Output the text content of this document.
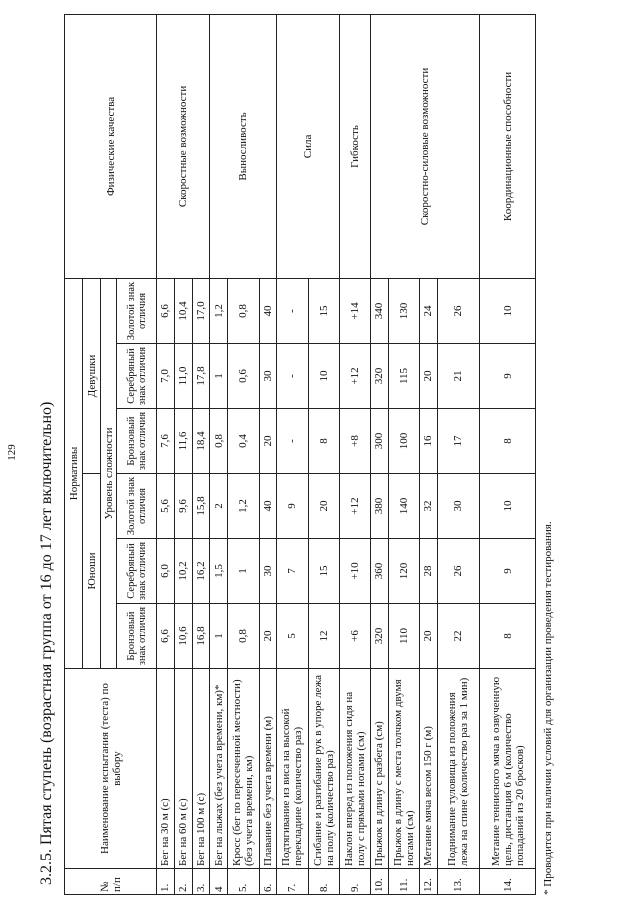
129 3.2.5. Пятая ступень (возрастная группа от 16 до 17 лет включительно)
№ п/п	Наименование испытания (теста) по выбору	Нормативы						Физические качества
		Юноши			Девушки			
		Уровень сложности						
		Бронзовый знак отличия	Серебряный знак отличия	Золотой знак отличия	Бронзовый знак отличия	Серебряный знак отличия	Золотой знак отличия	
1.	Бег на 30 м (с)	6,6	6,0	5,6	7,6	7,0	6,6	Скоростные возможности
2.	Бег на 60 м (с)	10,6	10,2	9,6	11,6	11,0	10,4	
3.	Бег на 100 м (с)	16,8	16,2	15,8	18,4	17,8	17,0	
4	Бег на лыжах (без учета времени, км)*	1	1,5	2	0,8	1	1,2	Выносливость
5.	Кросс (бег по пересеченной местности) (без учета времени, км)	0,8	1	1,2	0,4	0,6	0,8	
6.	Плавание без учета времени (м)	20	30	40	20	30	40	
7.	Подтягивание из виса на высокой перекладине (количество раз)	5	7	9	-	-	-	Сила
8.	Сгибание и разгибание рук в упоре лежа на полу (количество раз)	12	15	20	8	10	15	
9.	Наклон вперед из положения сидя на полу с прямыми ногами (см)	+6	+10	+12	+8	+12	+14	Гибкость
10.	Прыжок в длину с разбега (см)	320	360	380	300	320	340	Скоростно-силовые возможности
11.	Прыжок в длину с места толчком двумя ногами (см)	110	120	140	100	115	130	
12.	Метание мяча весом 150 г (м)	20	28	32	16	20	24	
13.	Поднимание туловища из положения лежа на спине (количество раз за 1 мин)	22	26	30	17	21	26	
14.	Метание теннисного мяча в озвученную цель, дистанция 6 м (количество попаданий из 20 бросков)	8	9	10	8	9	10	Координационные способности
* Проводится при наличии условий для организации проведения тестирования.
